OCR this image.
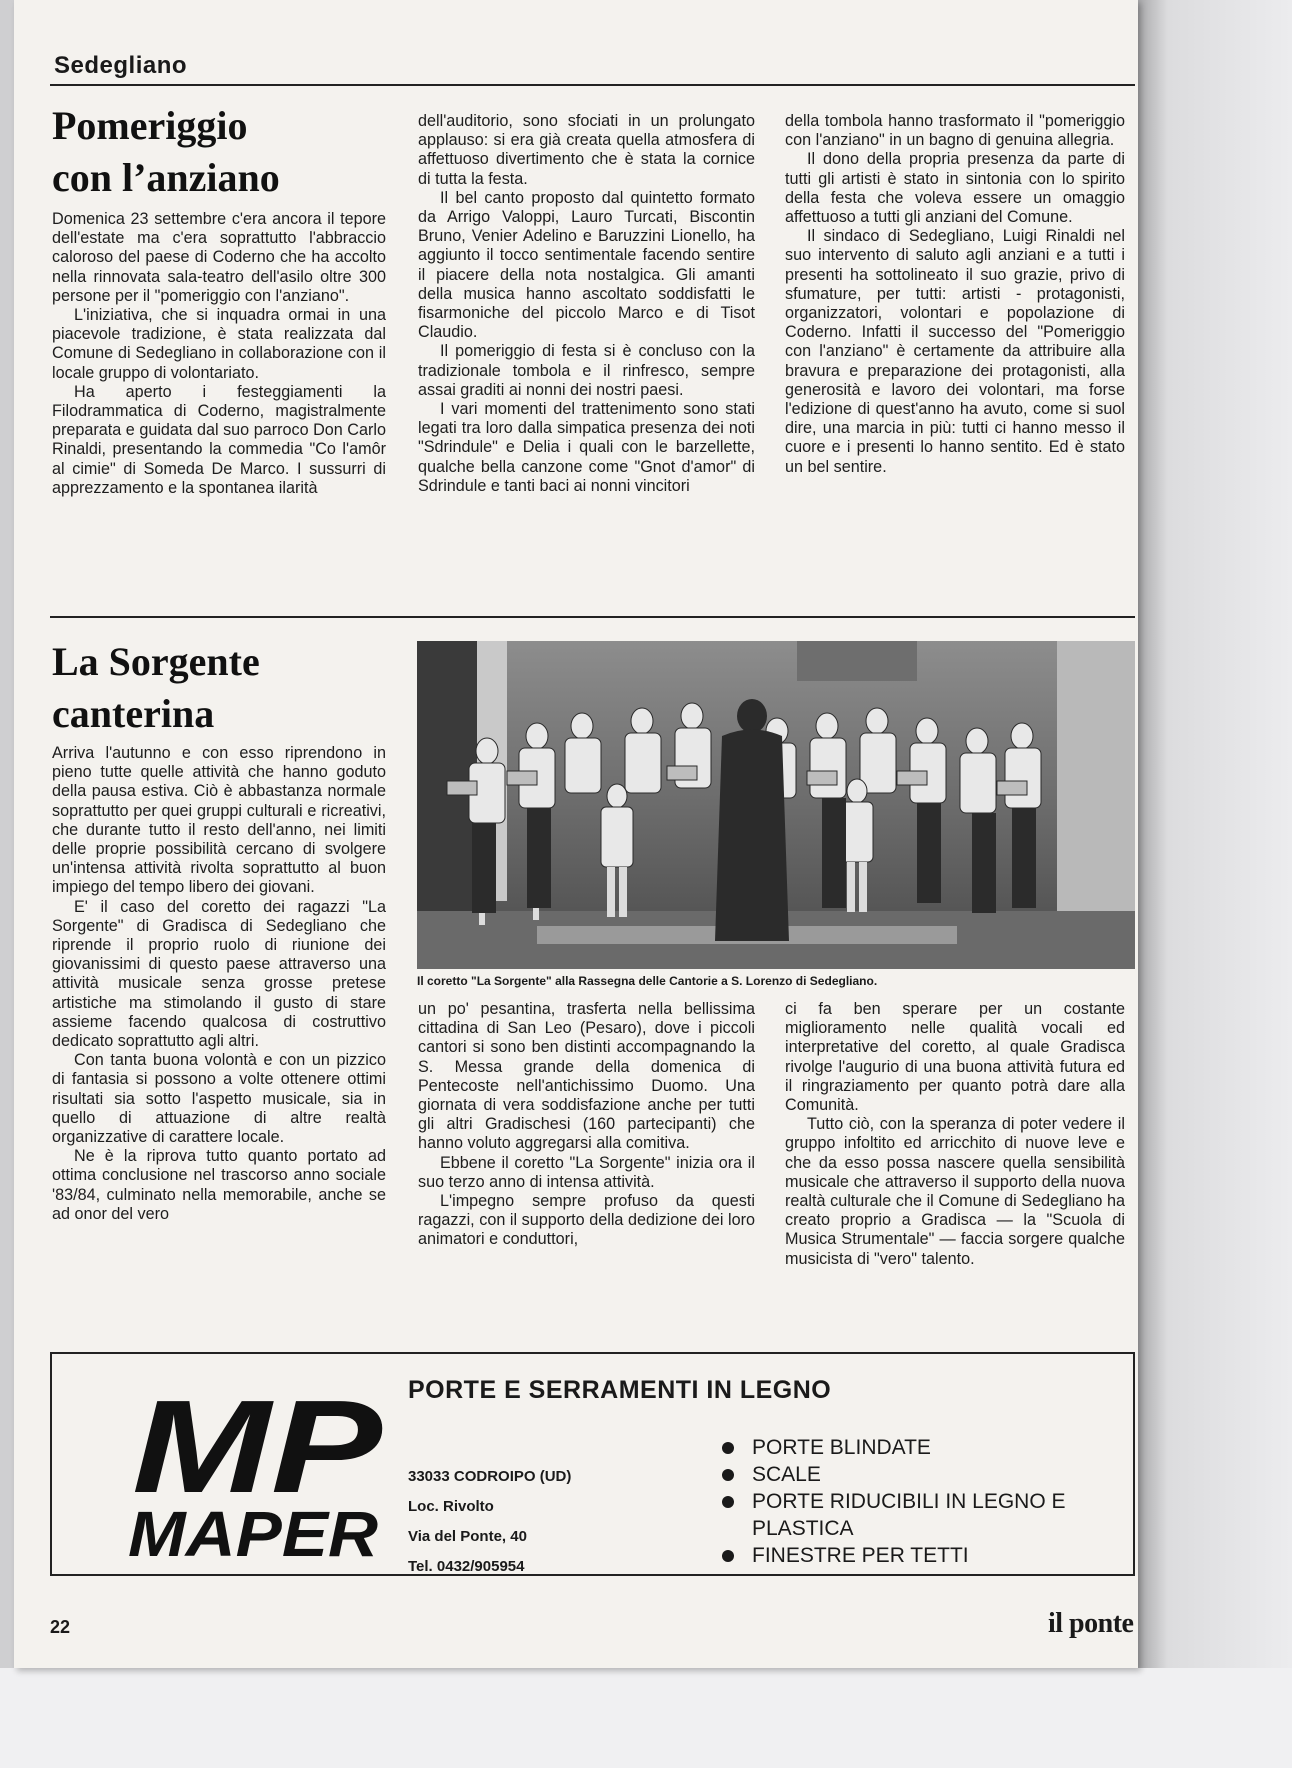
Sedegliano
Pomeriggio
con l’anziano

Domenica 23 settembre c'era ancora il tepore dell'estate ma c'era soprattutto l'abbraccio caloroso del paese di Coderno che ha accolto nella rinnovata sala-teatro dell'asilo oltre 300 persone per il "pomeriggio con l'anziano".

L'iniziativa, che si inquadra ormai in una piacevole tradizione, è stata realizzata dal Comune di Sedegliano in collaborazione con il locale gruppo di volontariato.

Ha aperto i festeggiamenti la Filodrammatica di Coderno, magistralmente preparata e guidata dal suo parroco Don Carlo Rinaldi, presentando la commedia "Co l'amôr al cimie" di Someda De Marco. I sussurri di apprezzamento e la spontanea ilarità

dell'auditorio, sono sfociati in un prolungato applauso: si era già creata quella atmosfera di affettuoso divertimento che è stata la cornice di tutta la festa.

Il bel canto proposto dal quintetto formato da Arrigo Valoppi, Lauro Turcati, Biscontin Bruno, Venier Adelino e Baruzzini Lionello, ha aggiunto il tocco sentimentale facendo sentire il piacere della nota nostalgica. Gli amanti della musica hanno ascoltato soddisfatti le fisarmoniche del piccolo Marco e di Tisot Claudio.

Il pomeriggio di festa si è concluso con la tradizionale tombola e il rinfresco, sempre assai graditi ai nonni dei nostri paesi.

I vari momenti del trattenimento sono stati legati tra loro dalla simpatica presenza dei noti "Sdrindule" e Delia i quali con le barzellette, qualche bella canzone come "Gnot d'amor" di Sdrindule e tanti baci ai nonni vincitori

della tombola hanno trasformato il "pomeriggio con l'anziano" in un bagno di genuina allegria.

Il dono della propria presenza da parte di tutti gli artisti è stato in sintonia con lo spirito della festa che voleva essere un omaggio affettuoso a tutti gli anziani del Comune.

Il sindaco di Sedegliano, Luigi Rinaldi nel suo intervento di saluto agli anziani e a tutti i presenti ha sottolineato il suo grazie, privo di sfumature, per tutti: artisti - protagonisti, organizzatori, volontari e popolazione di Coderno. Infatti il successo del "Pomeriggio con l'anziano" è certamente da attribuire alla bravura e preparazione dei protagonisti, alla generosità e lavoro dei volontari, ma forse l'edizione di quest'anno ha avuto, come si suol dire, una marcia in più: tutti ci hanno messo il cuore e i presenti lo hanno sentito. Ed è stato un bel sentire.

La Sorgente
canterina

Arriva l'autunno e con esso riprendono in pieno tutte quelle attività che hanno goduto della pausa estiva. Ciò è abbastanza normale soprattutto per quei gruppi culturali e ricreativi, che durante tutto il resto dell'anno, nei limiti delle proprie possibilità cercano di svolgere un'intensa attività rivolta soprattutto al buon impiego del tempo libero dei giovani.

E' il caso del coretto dei ragazzi "La Sorgente" di Gradisca di Sedegliano che riprende il proprio ruolo di riunione dei giovanissimi di questo paese attraverso una attività musicale senza grosse pretese artistiche ma stimolando il gusto di stare assieme facendo qualcosa di costruttivo dedicato soprattutto agli altri.

Con tanta buona volontà e con un pizzico di fantasia si possono a volte ottenere ottimi risultati sia sotto l'aspetto musicale, sia in quello di attuazione di altre realtà organizzative di carattere locale.

Ne è la riprova tutto quanto portato ad ottima conclusione nel trascorso anno sociale '83/84, culminato nella memorabile, anche se ad onor del vero

Il coretto "La Sorgente" alla Rassegna delle Cantorie a S. Lorenzo di Sedegliano.

un po' pesantina, trasferta nella bellissima cittadina di San Leo (Pesaro), dove i piccoli cantori si sono ben distinti accompagnando la S. Messa grande della domenica di Pentecoste nell'antichissimo Duomo. Una giornata di vera soddisfazione anche per tutti gli altri Gradischesi (160 partecipanti) che hanno voluto aggregarsi alla comitiva.

Ebbene il coretto "La Sorgente" inizia ora il suo terzo anno di intensa attività.

L'impegno sempre profuso da questi ragazzi, con il supporto della dedizione dei loro animatori e conduttori,

ci fa ben sperare per un costante miglioramento nelle qualità vocali ed interpretative del coretto, al quale Gradisca rivolge l'augurio di una buona attività futura ed il ringraziamento per quanto potrà dare alla Comunità.

Tutto ciò, con la speranza di poter vedere il gruppo infoltito ed arricchito di nuove leve e che da esso possa nascere quella sensibilità musicale che attraverso il supporto della nuova realtà culturale che il Comune di Sedegliano ha creato proprio a Gradisca — la "Scuola di Musica Strumentale" — faccia sorgere qualche musicista di "vero" talento.

MP
MAPER
PORTE E SERRAMENTI IN LEGNO
33033 CODROIPO (UD)
Loc. Rivolto
Via del Ponte, 40
Tel. 0432/905954
PORTE BLINDATE
SCALE
PORTE RIDUCIBILI IN LEGNO E PLASTICA
FINESTRE PER TETTI
22	il ponte
